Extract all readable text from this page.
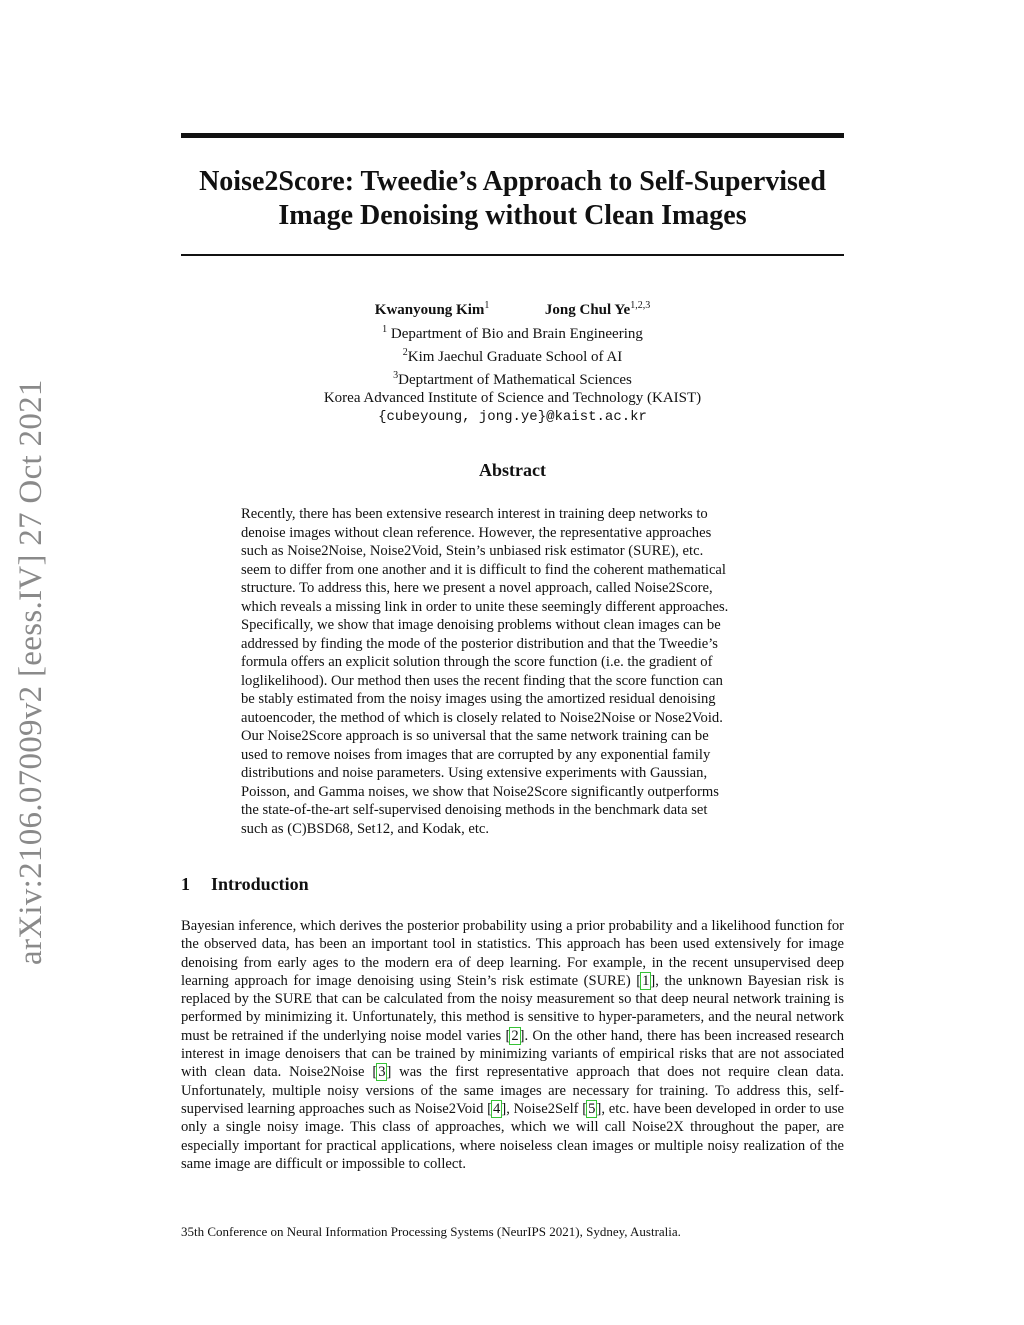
arXiv:2106.07009v2 [eess.IV] 27 Oct 2021
Noise2Score: Tweedie’s Approach to Self-Supervised
Image Denoising without Clean Images
Kwanyoung Kim$^1$	Jong Chul Ye$^{1,2,3}$
$^1$ Department of Bio and Brain Engineering
$^2$Kim Jaechul Graduate School of AI
$^3$Deptartment of Mathematical Sciences
Korea Advanced Institute of Science and Technology (KAIST)
{cubeyoung, jong.ye}@kaist.ac.kr
Abstract
Recently, there has been extensive research interest in training deep networks to
denoise images without clean reference. However, the representative approaches
such as Noise2Noise, Noise2Void, Stein’s unbiased risk estimator (SURE), etc.
seem to differ from one another and it is difficult to find the coherent mathematical
structure. To address this, here we present a novel approach, called Noise2Score,
which reveals a missing link in order to unite these seemingly different approaches.
Specifically, we show that image denoising problems without clean images can be
addressed by finding the mode of the posterior distribution and that the Tweedie’s
formula offers an explicit solution through the score function (i.e. the gradient of
loglikelihood). Our method then uses the recent finding that the score function can
be stably estimated from the noisy images using the amortized residual denoising
autoencoder, the method of which is closely related to Noise2Noise or Nose2Void.
Our Noise2Score approach is so universal that the same network training can be
used to remove noises from images that are corrupted by any exponential family
distributions and noise parameters. Using extensive experiments with Gaussian,
Poisson, and Gamma noises, we show that Noise2Score significantly outperforms
the state-of-the-art self-supervised denoising methods in the benchmark data set
such as (C)BSD68, Set12, and Kodak, etc.
1 Introduction
Bayesian inference, which derives the posterior probability using a prior probability and a likelihood function for the observed data, has been an important tool in statistics. This approach has been used extensively for image denoising from early ages to the modern era of deep learning. For example, in the recent unsupervised deep learning approach for image denoising using Stein’s risk estimate (SURE) [1], the unknown Bayesian risk is replaced by the SURE that can be calculated from the noisy measurement so that deep neural network training is performed by minimizing it. Unfortunately, this method is sensitive to hyper-parameters, and the neural network must be retrained if the underlying noise model varies [2]. On the other hand, there has been increased research interest in image denoisers that can be trained by minimizing variants of empirical risks that are not associated with clean data. Noise2Noise [3] was the first representative approach that does not require clean data. Unfortunately, multiple noisy versions of the same images are necessary for training. To address this, self-supervised learning approaches such as Noise2Void [4], Noise2Self [5], etc. have been developed in order to use only a single noisy image. This class of approaches, which we will call Noise2X throughout the paper, are especially important for practical applications, where noiseless clean images or multiple noisy realization of the same image are difficult or impossible to collect.
35th Conference on Neural Information Processing Systems (NeurIPS 2021), Sydney, Australia.
